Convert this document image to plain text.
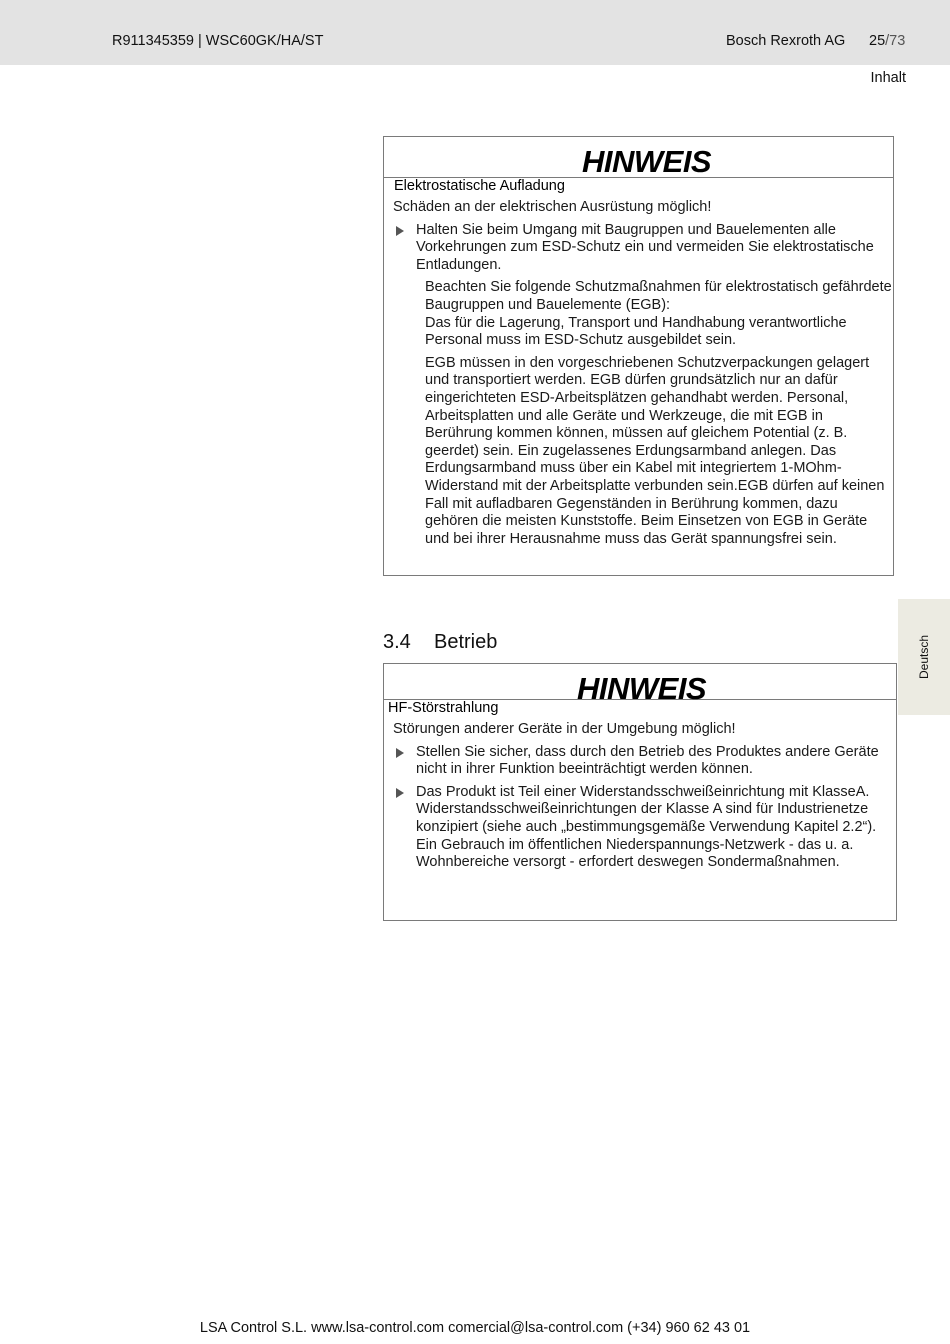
R911345359 | WSC60GK/HA/ST	Bosch Rexroth AG 25/73
Inhalt
HINWEIS
Elektrostatische Aufladung

Schäden an der elektrischen Ausrüstung möglich!

Halten Sie beim Umgang mit Baugruppen und Bauelementen alle Vorkehrungen zum ESD-Schutz ein und vermeiden Sie elektrostatische Entladungen.

Beachten Sie folgende Schutzmaßnahmen für elektrostatisch gefährdete Baugruppen und Bauelemente (EGB):
Das für die Lagerung, Transport und Handhabung verantwortliche Personal muss im ESD-Schutz ausgebildet sein.

EGB müssen in den vorgeschriebenen Schutzverpackungen gelagert und transportiert werden. EGB dürfen grundsätzlich nur an dafür eingerichteten ESD-Arbeitsplätzen gehandhabt werden. Personal, Arbeitsplatten und alle Geräte und Werkzeuge, die mit EGB in Berührung kommen können, müssen auf gleichem Potential (z. B. geerdet) sein. Ein zugelassenes Erdungsarmband anlegen. Das Erdungsarmband muss über ein Kabel mit integriertem 1-MOhm-Widerstand mit der Arbeitsplatte verbunden sein.EGB dürfen auf keinen Fall mit aufladbaren Gegenständen in Berührung kommen, dazu gehören die meisten Kunststoffe. Beim Einsetzen von EGB in Geräte und bei ihrer Herausnahme muss das Gerät spannungsfrei sein.

3.4 Betrieb
HINWEIS
HF-Störstrahlung

Störungen anderer Geräte in der Umgebung möglich!

Stellen Sie sicher, dass durch den Betrieb des Produktes andere Geräte nicht in ihrer Funktion beeinträchtigt werden können.
Das Produkt ist Teil einer Widerstandsschweißeinrichtung mit KlasseA. Widerstandsschweißeinrichtungen der Klasse A sind für Industrienetze konzipiert (siehe auch „bestimmungsgemäße Verwendung Kapitel 2.2“). Ein Gebrauch im öffentlichen Niederspannungs-Netzwerk - das u. a. Wohnbereiche versorgt - erfordert deswegen Sondermaßnahmen.
Deutsch
LSA Control S.L. www.lsa-control.com comercial@lsa-control.com (+34) 960 62 43 01
